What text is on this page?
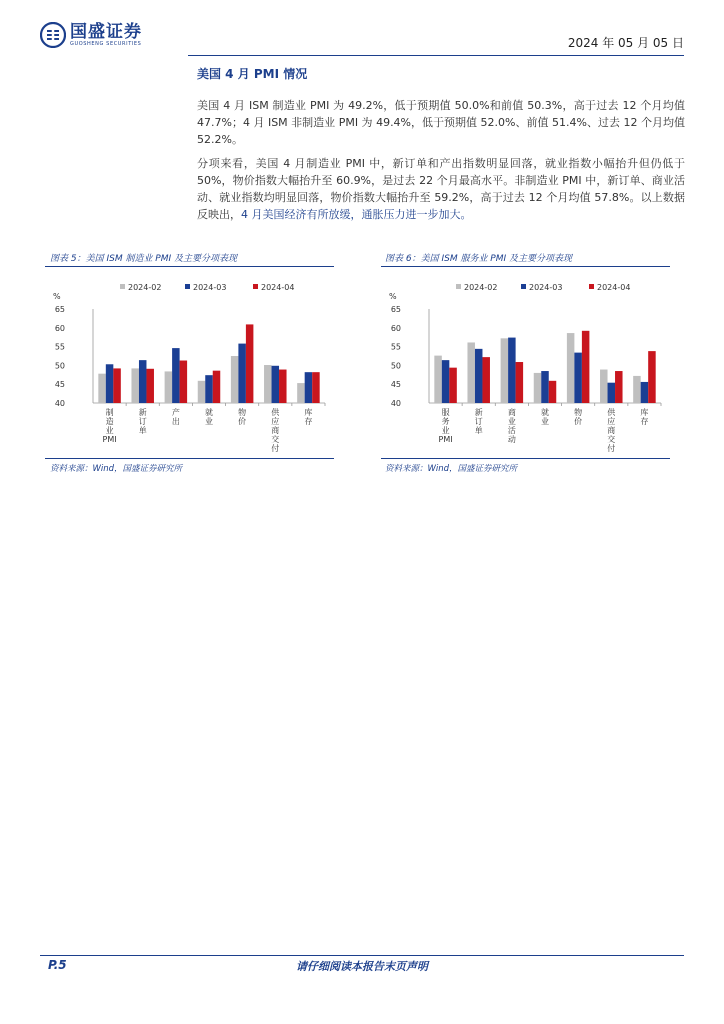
国盛证券
GUOSHENG SECURITIES	2024 年 05 月 05 日
美国 4 月 PMI 情况
美国 4 月 ISM 制造业 PMI 为 49.2%，低于预期值 50.0%和前值 50.3%，高于过去 12 个月均值 47.7%；4 月 ISM 非制造业 PMI 为 49.4%，低于预期值 52.0%、前值 51.4%、过去 12 个月均值 52.2%。
分项来看，美国 4 月制造业 PMI 中，新订单和产出指数明显回落，就业指数小幅抬升但仍低于 50%，物价指数大幅抬升至 60.9%，是过去 22 个月最高水平。非制造业 PMI 中，新订单、商业活动、就业指数均明显回落，物价指数大幅抬升至 59.2%，高于过去 12 个月均值 57.8%。以上数据反映出，4 月美国经济有所放缓，通胀压力进一步加大。
图表 5：美国 ISM 制造业 PMI 及主要分项表现
2024-02	2024-03	2024-04
%
40
45
50
55
60
65
制造业 PMI
新订单
产出
就业
物价
供应商交付
库存
资料来源：Wind，国盛证券研究所
图表 6：美国 ISM 服务业 PMI 及主要分项表现
2024-02	2024-03	2024-04
%
40
45
50
55
60
65
服务业 PMI
新订单
商业活动
就业
物价
供应商交付
库存
资料来源：Wind，国盛证券研究所
P.5	请仔细阅读本报告末页声明
